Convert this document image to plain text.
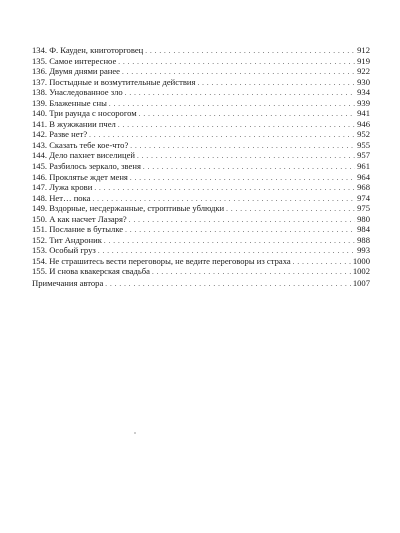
134. Ф. Кауден, книготорговец . . .	912
135. Самое интересное . . .	919
136. Двумя днями ранее . . .	922
137. Постыдные и возмутительные действия . . .	930
138. Унаследованное зло . . .	934
139. Блаженные сны . . .	939
140. Три раунда с носорогом . . .	941
141. В жужжании пчел . . .	946
142. Разве нет? . . .	952
143. Сказать тебе кое-что? . . .	955
144. Дело пахнет виселицей . . .	957
145. Разбилось зеркало, звеня . . .	961
146. Проклятье ждет меня . . .	964
147. Лужа крови . . .	968
148. Нет… пока . . .	974
149. Вздорные, несдержанные, строптивые ублюдки . . .	975
150. А как насчет Лазаря? . . .	980
151. Послание в бутылке . . .	984
152. Тит Андроник . . .	988
153. Особый груз . . .	993
154. Не страшитесь вести переговоры, не ведите переговоры из страха . . .	1000
155. И снова квакерская свадьба . . .	1002
Примечания автора . . .	1007
